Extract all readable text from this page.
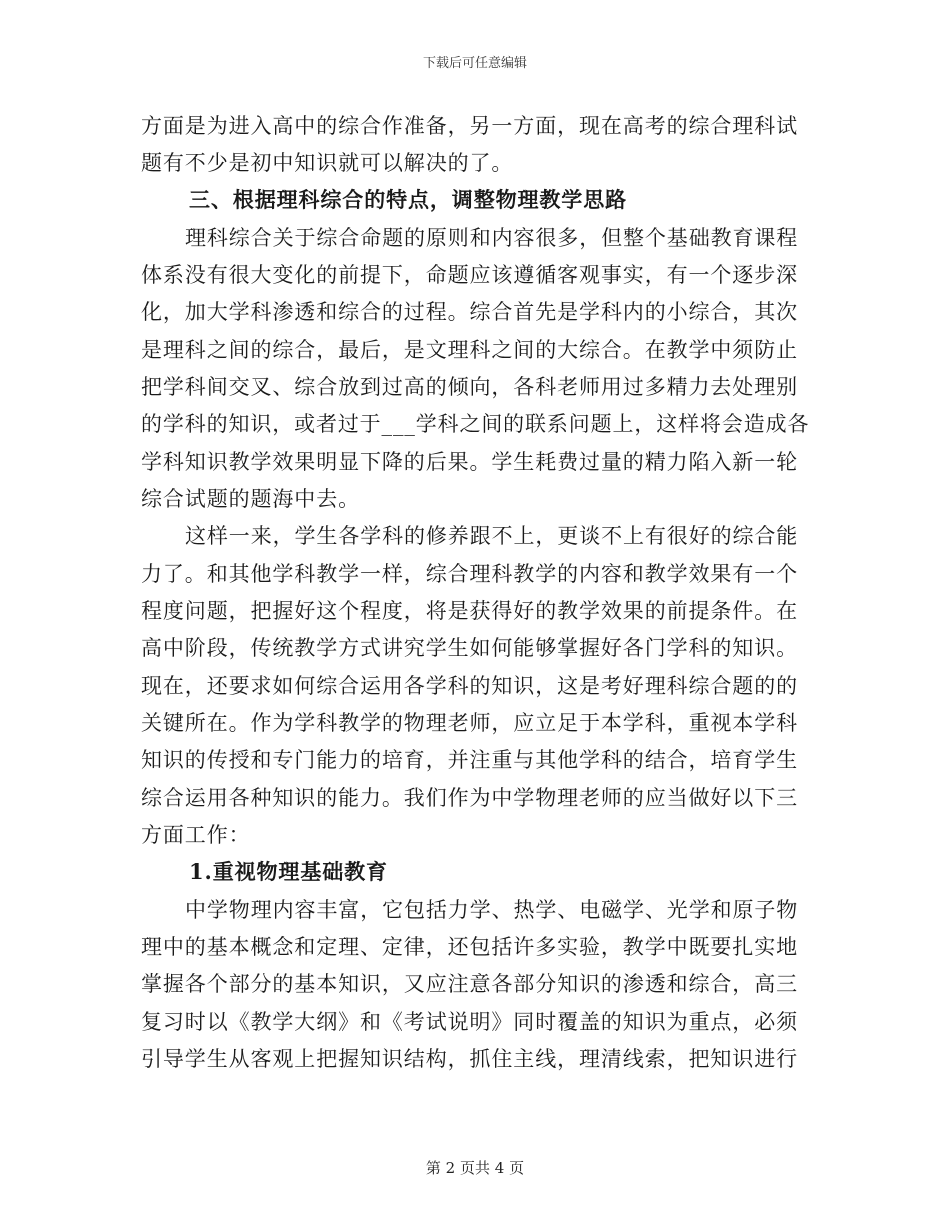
下载后可任意编辑
方面是为进入高中的综合作准备，另一方面，现在高考的综合理科试
题有不少是初中知识就可以解决的了。
三、根据理科综合的特点，调整物理教学思路
理科综合关于综合命题的原则和内容很多，但整个基础教育课程
体系没有很大变化的前提下，命题应该遵循客观事实，有一个逐步深
化，加大学科渗透和综合的过程。综合首先是学科内的小综合，其次
是理科之间的综合，最后，是文理科之间的大综合。在教学中须防止
把学科间交叉、综合放到过高的倾向，各科老师用过多精力去处理别
的学科的知识，或者过于___学科之间的联系问题上，这样将会造成各
学科知识教学效果明显下降的后果。学生耗费过量的精力陷入新一轮
综合试题的题海中去。
这样一来，学生各学科的修养跟不上，更谈不上有很好的综合能
力了。和其他学科教学一样，综合理科教学的内容和教学效果有一个
程度问题，把握好这个程度，将是获得好的教学效果的前提条件。在
高中阶段，传统教学方式讲究学生如何能够掌握好各门学科的知识。
现在，还要求如何综合运用各学科的知识，这是考好理科综合题的的
关键所在。作为学科教学的物理老师，应立足于本学科，重视本学科
知识的传授和专门能力的培育，并注重与其他学科的结合，培育学生
综合运用各种知识的能力。我们作为中学物理老师的应当做好以下三
方面工作：
1.重视物理基础教育
中学物理内容丰富，它包括力学、热学、电磁学、光学和原子物
理中的基本概念和定理、定律，还包括许多实验，教学中既要扎实地
掌握各个部分的基本知识，又应注意各部分知识的渗透和综合，高三
复习时以《教学大纲》和《考试说明》同时覆盖的知识为重点，必须
引导学生从客观上把握知识结构，抓住主线，理清线索，把知识进行
第 2 页共 4 页
